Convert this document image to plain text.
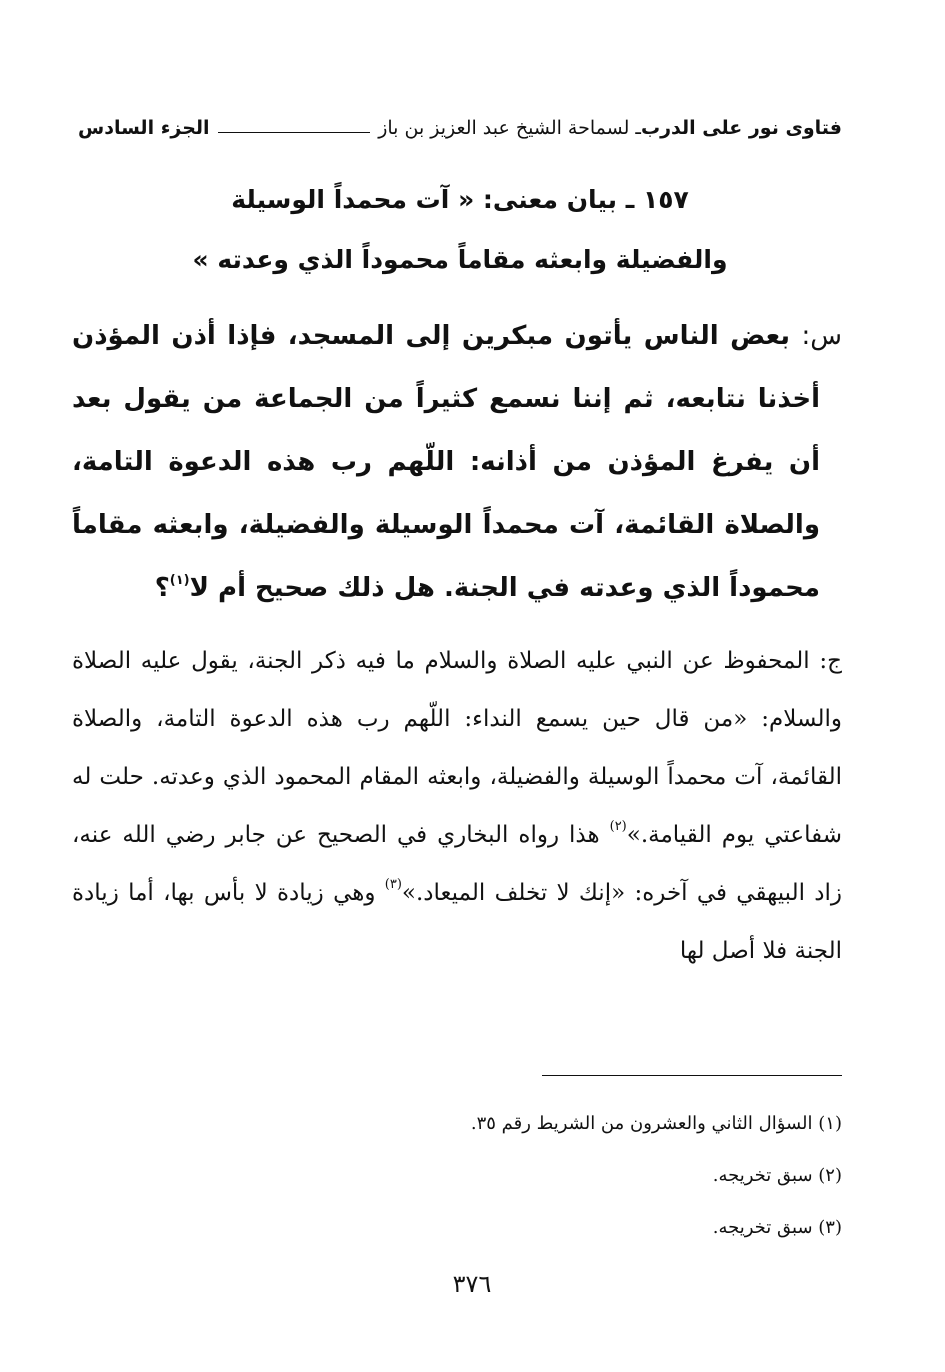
فتاوى نور على الدرب
ـ لسماحة الشيخ عبد العزيز بن باز
الجزء السادس
١٥٧ ـ بيان معنى: « آت محمداً الوسيلة
والفضيلة وابعثه مقاماً محموداً الذي وعدته »

س: بعض الناس يأتون مبكرين إلى المسجد، فإذا أذن المؤذن أخذنا نتابعه، ثم إننا نسمع كثيراً من الجماعة من يقول بعد أن يفرغ المؤذن من أذانه: اللّهم رب هذه الدعوة التامة، والصلاة القائمة، آت محمداً الوسيلة والفضيلة، وابعثه مقاماً محموداً الذي وعدته في الجنة. هل ذلك صحيح أم لا$^{(١)}$؟

ج: المحفوظ عن النبي عليه الصلاة والسلام ما فيه ذكر الجنة، يقول عليه الصلاة والسلام: «من قال حين يسمع النداء: اللّهم رب هذه الدعوة التامة، والصلاة القائمة، آت محمداً الوسيلة والفضيلة، وابعثه المقام المحمود الذي وعدته. حلت له شفاعتي يوم القيامة.»$^{(٢)}$ هذا رواه البخاري في الصحيح عن جابر رضي الله عنه، زاد البيهقي في آخره: «إنك لا تخلف الميعاد.»$^{(٣)}$ وهي زيادة لا بأس بها، أما زيادة الجنة فلا أصل لها

(١) السؤال الثاني والعشرون من الشريط رقم ٣٥.
(٢) سبق تخريجه.
(٣) سبق تخريجه.
٣٧٦
